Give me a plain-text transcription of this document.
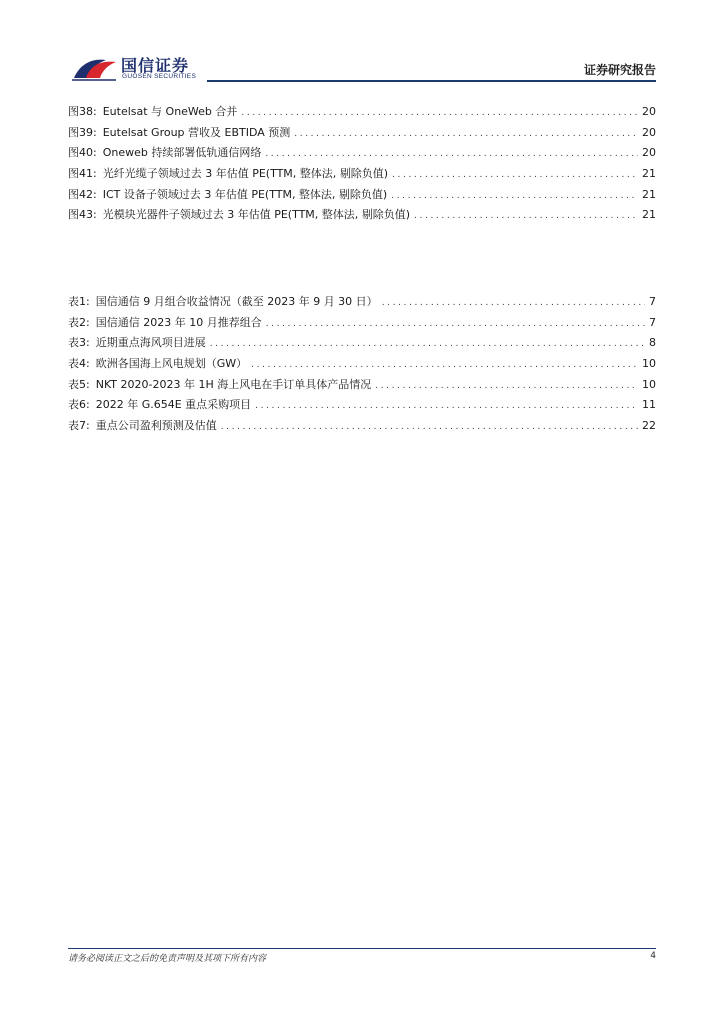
国信证券
GUOSEN SECURITIES	证券研究报告
图38: Eutelsat 与 OneWeb 合并 .....	20
图39: Eutelsat Group 营收及 EBTIDA 预测 .....	20
图40: Oneweb 持续部署低轨通信网络 .....	20
图41: 光纤光缆子领域过去 3 年估值 PE(TTM, 整体法, 剔除负值) .....	21
图42: ICT 设备子领域过去 3 年估值 PE(TTM, 整体法, 剔除负值) .....	21
图43: 光模块光器件子领域过去 3 年估值 PE(TTM, 整体法, 剔除负值) .....	21
表1: 国信通信 9 月组合收益情况（截至 2023 年 9 月 30 日） .....	7
表2: 国信通信 2023 年 10 月推荐组合 .....	7
表3: 近期重点海风项目进展 .....	8
表4: 欧洲各国海上风电规划（GW） .....	10
表5: NKT 2020-2023 年 1H 海上风电在手订单具体产品情况 .....	10
表6: 2022 年 G.654E 重点采购项目 .....	11
表7: 重点公司盈利预测及估值 .....	22
请务必阅读正文之后的免责声明及其项下所有内容	4
